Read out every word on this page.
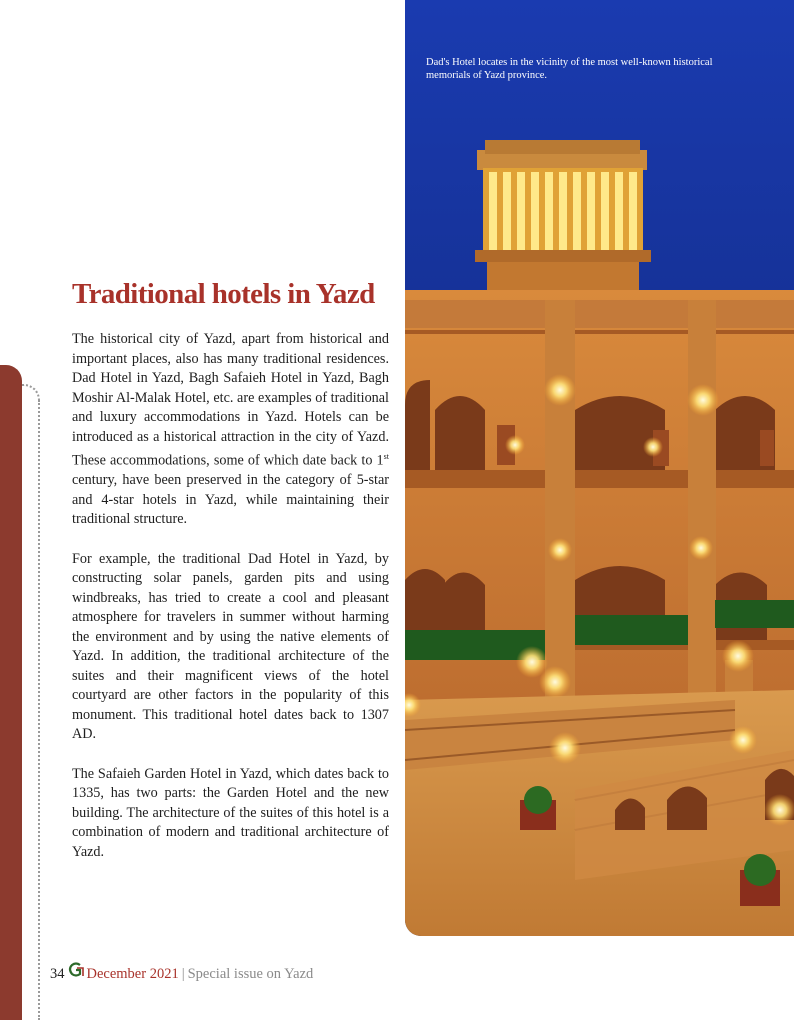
Dad's Hotel locates in the vicinity of the most well-known historical memorials of Yazd province.
Traditional hotels in Yazd

The historical city of Yazd, apart from historical and important places, also has many traditional residences. Dad Hotel in Yazd, Bagh Safaieh Hotel in Yazd, Bagh Moshir Al-Malak Hotel, etc. are examples of traditional and luxury accommodations in Yazd. Hotels can be introduced as a historical attraction in the city of Yazd. These accommodations, some of which date back to 1st century, have been preserved in the category of 5-star and 4-star hotels in Yazd, while maintaining their traditional structure.

For example, the traditional Dad Hotel in Yazd, by constructing solar panels, garden pits and using windbreaks, has tried to create a cool and pleasant atmosphere for travelers in summer without harming the environment and by using the native elements of Yazd. In addition, the traditional architecture of the suites and their magnificent views of the hotel courtyard are other factors in the popularity of this monument. This traditional hotel dates back to 1307 AD.

The Safaieh Garden Hotel in Yazd, which dates back to 1335, has two parts: the Garden Hotel and the new building. The architecture of the suites of this hotel is a combination of modern and traditional architecture of Yazd.

34 December 2021 | Special issue on Yazd
